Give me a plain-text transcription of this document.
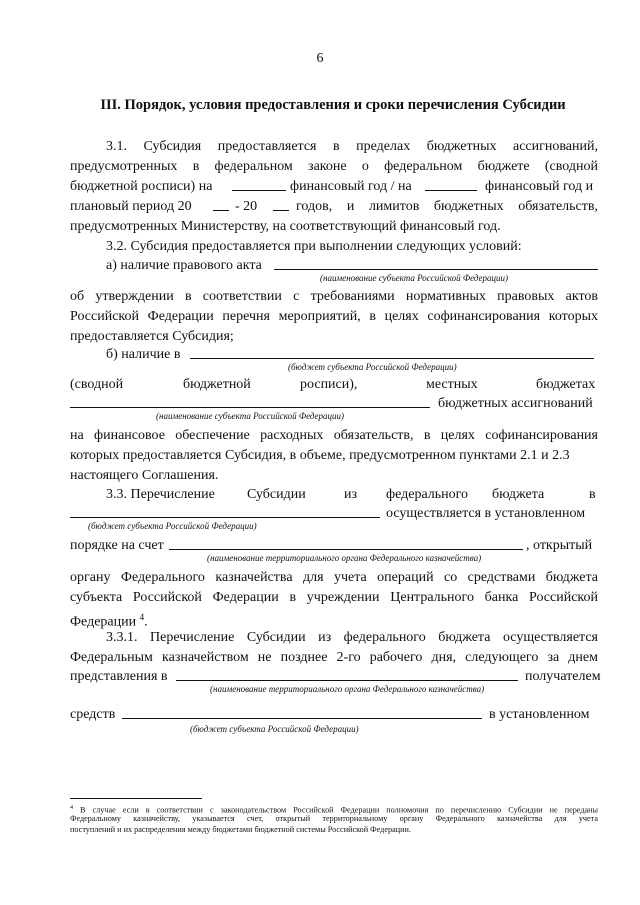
6
III. Порядок, условия предоставления и сроки перечисления Субсидии
3.1. Субсидия предоставляется в пределах бюджетных ассигнований,
предусмотренных в федеральном законе о федеральном бюджете (сводной
бюджетной росписи) на	финансовый год / на	финансовый год и
плановый период 20	- 20	годов, и лимитов бюджетных обязательств,
предусмотренных Министерству, на соответствующий финансовый год.
3.2. Субсидия предоставляется при выполнении следующих условий:
а) наличие правового акта
(наименование субъекта Российской Федерации)
об утверждении в соответствии с требованиями нормативных правовых актов
Российской Федерации перечня мероприятий, в целях софинансирования которых
предоставляется Субсидия;
б) наличие в
(бюджет субъекта Российской Федерации)
(сводной	бюджетной	росписи),	местных	бюджетах
бюджетных ассигнований
(наименование субъекта Российской Федерации)
на финансовое обеспечение расходных обязательств, в целях софинансирования
которых предоставляется Субсидия, в объеме, предусмотренном пунктами 2.1 и 2.3
настоящего Соглашения.
3.3. Перечисление Субсидии	из федерального бюджета	в
осуществляется в установленном
(бюджет субъекта Российской Федерации)
порядке на счет	, открытый
(наименование территориального органа Федерального казначейства)
органу Федерального казначейства для учета операций со средствами бюджета
субъекта Российской Федерации в учреждении Центрального банка Российской
Федерации $^4$.
3.3.1. Перечисление Субсидии из федерального бюджета осуществляется
Федеральным казначейством не позднее 2-го рабочего дня, следующего за днем
представления в	получателем
(наименование территориального органа Федерального казначейства)
средств	в установленном
(бюджет субъекта Российской Федерации)
$^4$ В случае если в соответствии с законодательством Российской Федерации полномочия по перечислению Субсидии не переданы
Федеральному казначейству, указывается счет, открытый территориальному органу Федерального казначейства для учета
поступлений и их распределения между бюджетами бюджетной системы Российской Федерации.
